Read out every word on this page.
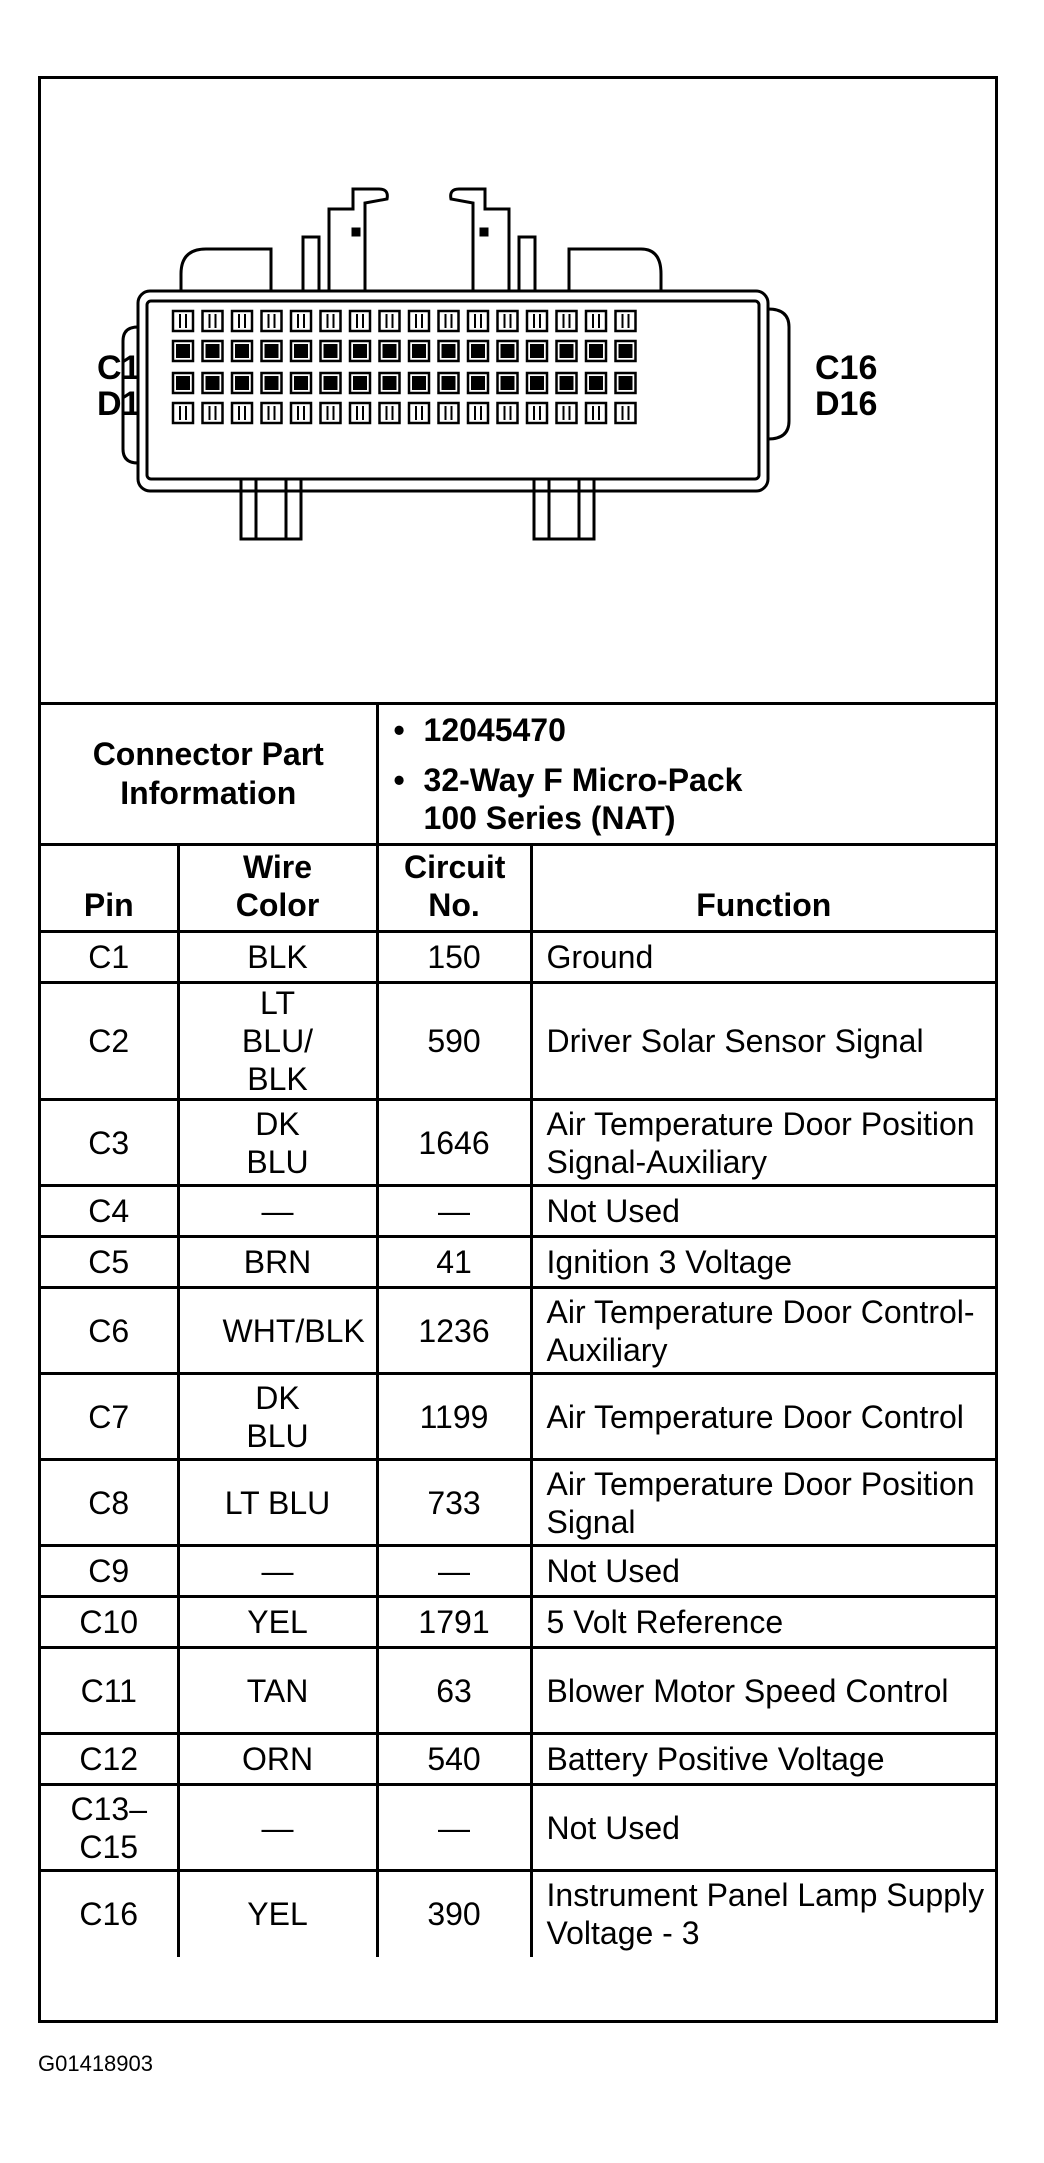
C1
D1
C16
D16
Connector Part Information		• 12045470
• 32-Way F Micro-Pack 100 Series (NAT)	

Pin	Wire Color	Circuit No.	Function

C1	BLK	150	Ground

C2	LT BLU/ BLK	590	Driver Solar Sensor Signal

C3	DK BLU	1646	Air Temperature Door Position Signal-Auxiliary

C4	—	—	Not Used

C5	BRN	41	Ignition 3 Voltage

C6	WHT/BLK	1236	Air Temperature Door Control-Auxiliary

C7	DK BLU	1199	Air Temperature Door Control

C8	LT BLU	733	Air Temperature Door Position Signal

C9	—	—	Not Used

C10	YEL	1791	5 Volt Reference

C11	TAN	63	Blower Motor Speed Control

C12	ORN	540	Battery Positive Voltage

C13– C15	—	—	Not Used

C16	YEL	390	Instrument Panel Lamp Supply Voltage - 3
G01418903
